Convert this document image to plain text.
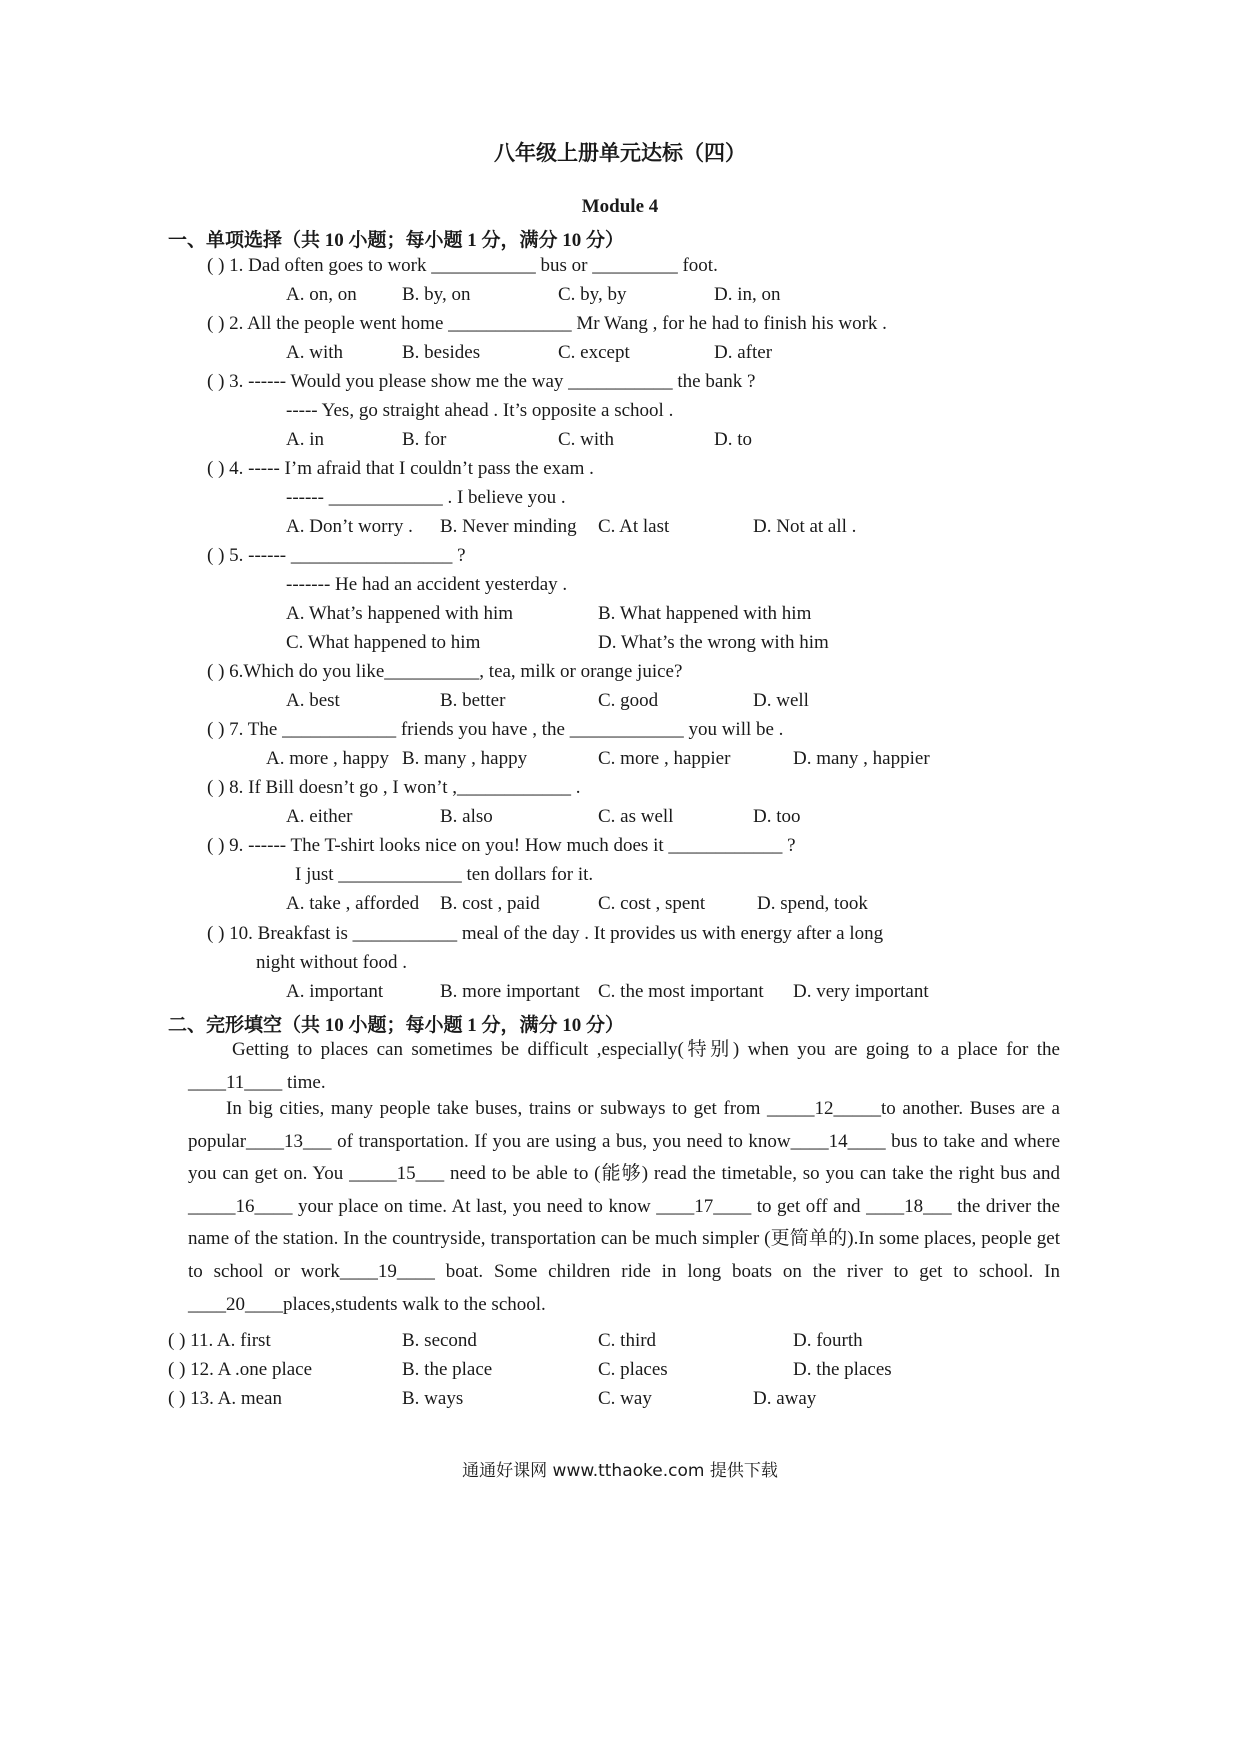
八年级上册单元达标（四）
Module 4
一、单项选择（共 10 小题；每小题 1 分，满分 10 分）
( ) 1. Dad often goes to work ___________ bus or _________ foot.
A. on, on B. by, on	C. by, by	D. in, on
( ) 2. All the people went home _____________ Mr Wang , for he had to finish his work .
A. with	B. besides	C. except	D. after
( ) 3. ------ Would you please show me the way ___________ the bank ?
----- Yes, go straight ahead . It’s opposite a school .
A. in	B. for	C. with	D. to
( ) 4. ----- I’m afraid that I couldn’t pass the exam .
------ ____________ . I believe you .
A. Don’t worry . B. Never minding C. At last	D. Not at all .
( ) 5. ------ _________________ ?
------- He had an accident yesterday .
A. What’s happened with him	B. What happened with him
C. What happened to him	D. What’s the wrong with him
( ) 6.Which do you like__________, tea, milk or orange juice?
A. best	B. better	C. good	D. well
( ) 7. The ____________ friends you have , the ____________ you will be .
A. more , happy B. many , happy	C. more , happier	D. many , happier
( ) 8. If Bill doesn’t go , I won’t ,____________ .
A. either	B. also	C. as well	D. too
( ) 9. ------ The T-shirt looks nice on you! How much does it ____________ ?
I just _____________ ten dollars for it.
A. take , afforded B. cost , paid	C. cost , spent	D. spend, took
( ) 10. Breakfast is ___________ meal of the day . It provides us with energy after a long
night without food .
A. important	B. more important C. the most important D. very important
二、完形填空（共 10 小题；每小题 1 分，满分 10 分）
Getting to places can sometimes be difficult ,especially(特别) when you are going to a place for the ____11____ time.
In big cities, many people take buses, trains or subways to get from _____12_____to another. Buses are a popular____13___ of transportation. If you are using a bus, you need to know____14____ bus to take and where you can get on. You _____15___ need to be able to (能够) read the timetable, so you can take the right bus and _____16____ your place on time. At last, you need to know ____17____ to get off and ____18___ the driver the name of the station. In the countryside, transportation can be much simpler (更简单的).In some places, people get to school or work____19____ boat. Some children ride in long boats on the river to get to school. In ____20____places,students walk to the school.
( ) 11. A. first	B. second	C. third	D. fourth
( ) 12. A .one place	B. the place	C. places	D. the places
( ) 13. A. mean	B. ways	C. way	D. away
通通好课网 www.tthaoke.com 提供下载
